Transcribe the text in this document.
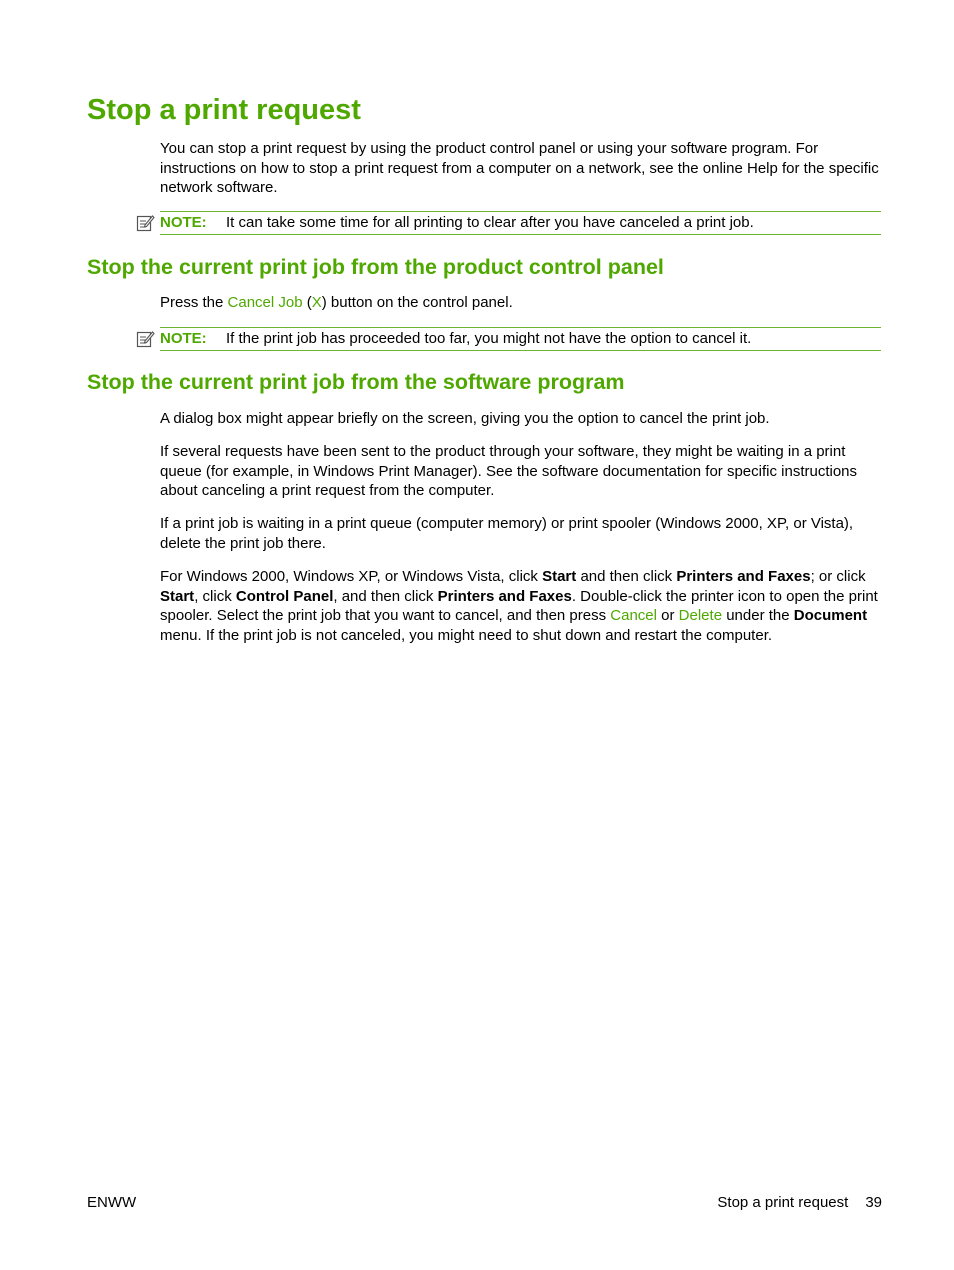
Stop a print request

You can stop a print request by using the product control panel or using your software program. For instructions on how to stop a print request from a computer on a network, see the online Help for the specific network software.

NOTE: It can take some time for all printing to clear after you have canceled a print job.
Stop the current print job from the product control panel

Press the Cancel Job (X) button on the control panel.

NOTE: If the print job has proceeded too far, you might not have the option to cancel it.
Stop the current print job from the software program

A dialog box might appear briefly on the screen, giving you the option to cancel the print job.

If several requests have been sent to the product through your software, they might be waiting in a print queue (for example, in Windows Print Manager). See the software documentation for specific instructions about canceling a print request from the computer.

If a print job is waiting in a print queue (computer memory) or print spooler (Windows 2000, XP, or Vista), delete the print job there.

For Windows 2000, Windows XP, or Windows Vista, click Start and then click Printers and Faxes; or click Start, click Control Panel, and then click Printers and Faxes. Double-click the printer icon to open the print spooler. Select the print job that you want to cancel, and then press Cancel or Delete under the Document menu. If the print job is not canceled, you might need to shut down and restart the computer.

ENWW	Stop a print request 39
